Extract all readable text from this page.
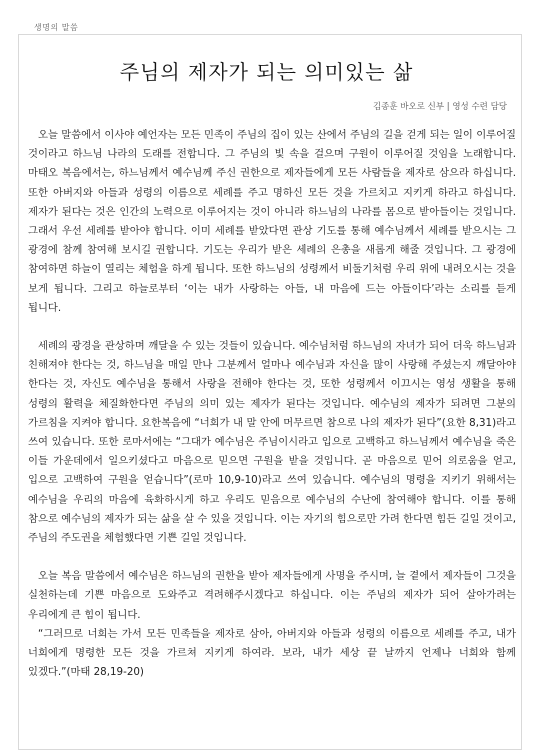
생명의 말씀
주님의 제자가 되는 의미있는 삶
김종훈 바오로 신부 | 영성 수련 담당

오늘 말씀에서 이사야 예언자는 모든 민족이 주님의 집이 있는 산에서 주님의 길을 걷게 되는 일이 이루어질 것이라고 하느님 나라의 도래를 전합니다. 그 주님의 빛 속을 걸으며 구원이 이루어질 것임을 노래합니다. 마태오 복음에서는, 하느님께서 예수님께 주신 권한으로 제자들에게 모든 사람들을 제자로 삼으라 하십니다. 또한 아버지와 아들과 성령의 이름으로 세례를 주고 명하신 모든 것을 가르치고 지키게 하라고 하십니다. 제자가 된다는 것은 인간의 노력으로 이루어지는 것이 아니라 하느님의 나라를 몸으로 받아들이는 것입니다. 그래서 우선 세례를 받아야 합니다. 이미 세례를 받았다면 관상 기도를 통해 예수님께서 세례를 받으시는 그 광경에 참께 참여해 보시길 권합니다. 기도는 우리가 받은 세례의 은총을 새롭게 해줄 것입니다. 그 광경에 참여하면 하늘이 열리는 체험을 하게 됩니다. 또한 하느님의 성령께서 비둘기처럼 우리 위에 내려오시는 것을 보게 됩니다. 그리고 하늘로부터 ‘이는 내가 사랑하는 아들, 내 마음에 드는 아들이다’라는 소리를 듣게 됩니다.

세례의 광경을 관상하며 깨달을 수 있는 것들이 있습니다. 예수님처럼 하느님의 자녀가 되어 더욱 하느님과 친해져야 한다는 것, 하느님을 매일 만나 그분께서 얼마나 예수님과 자신을 많이 사랑해 주셨는지 깨달아야 한다는 것, 자신도 예수님을 통해서 사랑을 전해야 한다는 것, 또한 성령께서 이끄시는 영성 생활을 통해 성령의 활력을 체질화한다면 주님의 의미 있는 제자가 된다는 것입니다. 예수님의 제자가 되려면 그분의 가르침을 지켜야 합니다. 요한복음에 “너희가 내 말 안에 머무르면 참으로 나의 제자가 된다”(요한 8,31)라고 쓰여 있습니다. 또한 로마서에는 “그대가 예수님은 주님이시라고 입으로 고백하고 하느님께서 예수님을 죽은 이들 가운데에서 일으키셨다고 마음으로 믿으면 구원을 받을 것입니다. 곧 마음으로 믿어 의로움을 얻고, 입으로 고백하여 구원을 얻습니다”(로마 10,9-10)라고 쓰여 있습니다. 예수님의 명령을 지키기 위해서는 예수님을 우리의 마음에 육화하시게 하고 우리도 믿음으로 예수님의 수난에 참여해야 합니다. 이를 통해 참으로 예수님의 제자가 되는 삶을 살 수 있을 것입니다. 이는 자기의 힘으로만 가려 한다면 힘든 길일 것이고, 주님의 주도권을 체험했다면 기쁜 길일 것입니다.

오늘 복음 말씀에서 예수님은 하느님의 권한을 받아 제자들에게 사명을 주시며, 늘 곁에서 제자들이 그것을 실천하는데 기쁜 마음으로 도와주고 격려해주시겠다고 하십니다. 이는 주님의 제자가 되어 살아가려는 우리에게 큰 힘이 됩니다.

“그러므로 너희는 가서 모든 민족들을 제자로 삼아, 아버지와 아들과 성령의 이름으로 세례를 주고, 내가 너희에게 명령한 모든 것을 가르쳐 지키게 하여라. 보라, 내가 세상 끝 날까지 언제나 너희와 함께 있겠다.”(마태 28,19-20)
